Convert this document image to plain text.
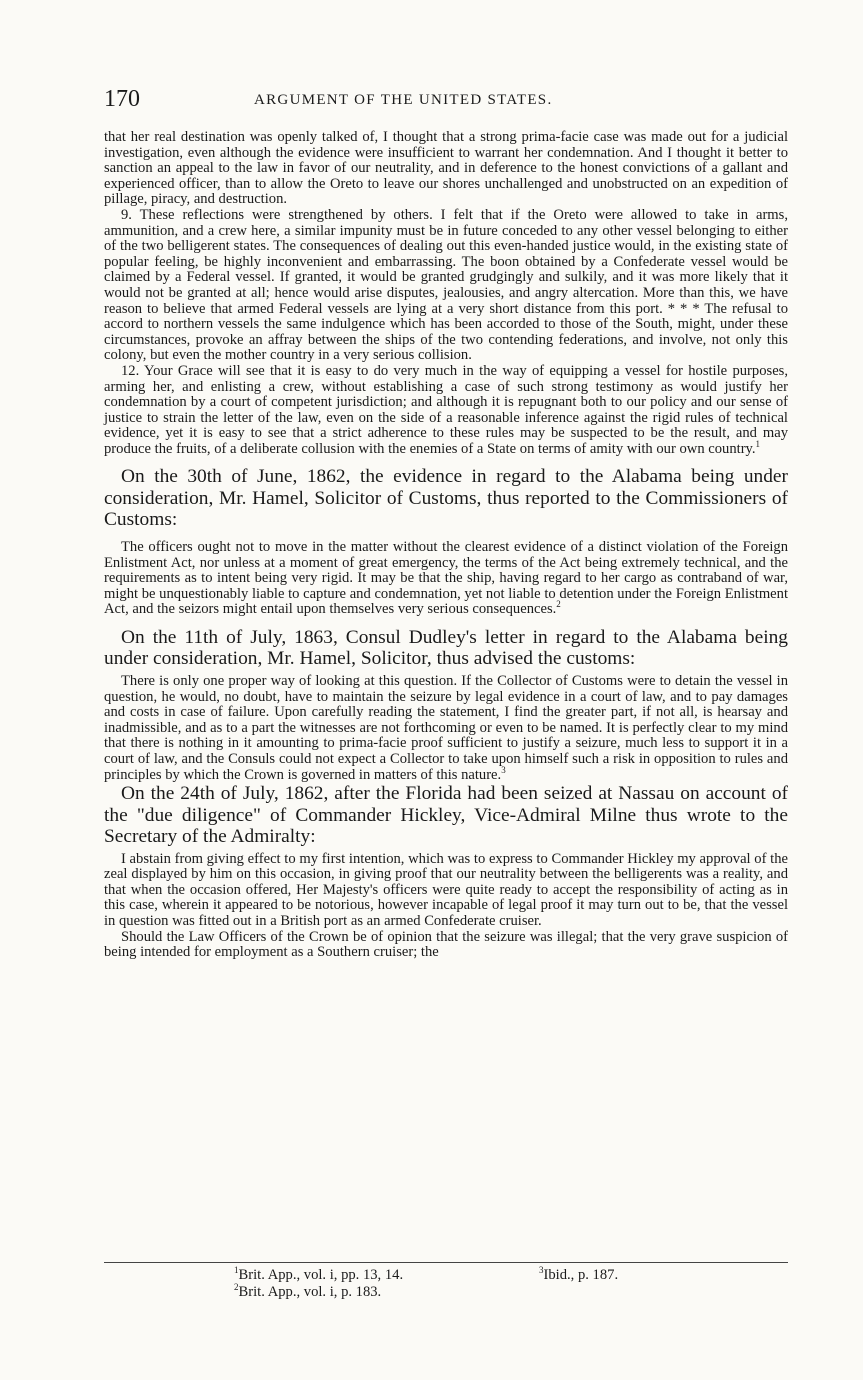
170	ARGUMENT OF THE UNITED STATES.

that her real destination was openly talked of, I thought that a strong prima-facie case was made out for a judicial investigation, even although the evidence were insufficient to warrant her condemnation. And I thought it better to sanction an appeal to the law in favor of our neutrality, and in deference to the honest convictions of a gallant and experienced officer, than to allow the Oreto to leave our shores unchallenged and unobstructed on an expedition of pillage, piracy, and destruction.

9. These reflections were strengthened by others. I felt that if the Oreto were allowed to take in arms, ammunition, and a crew here, a similar impunity must be in future conceded to any other vessel belonging to either of the two belligerent states. The consequences of dealing out this even-handed justice would, in the existing state of popular feeling, be highly inconvenient and embarrassing. The boon obtained by a Confederate vessel would be claimed by a Federal vessel. If granted, it would be granted grudgingly and sulkily, and it was more likely that it would not be granted at all; hence would arise disputes, jealousies, and angry altercation. More than this, we have reason to believe that armed Federal vessels are lying at a very short distance from this port. * * * The refusal to accord to northern vessels the same indulgence which has been accorded to those of the South, might, under these circumstances, provoke an affray between the ships of the two contending federations, and involve, not only this colony, but even the mother country in a very serious collision.

12. Your Grace will see that it is easy to do very much in the way of equipping a vessel for hostile purposes, arming her, and enlisting a crew, without establishing a case of such strong testimony as would justify her condemnation by a court of competent jurisdiction; and although it is repugnant both to our policy and our sense of justice to strain the letter of the law, even on the side of a reasonable inference against the rigid rules of technical evidence, yet it is easy to see that a strict adherence to these rules may be suspected to be the result, and may produce the fruits, of a deliberate collusion with the enemies of a State on terms of amity with our own country.$^1$

On the 30th of June, 1862, the evidence in regard to the Alabama being under consideration, Mr. Hamel, Solicitor of Customs, thus reported to the Commissioners of Customs:

The officers ought not to move in the matter without the clearest evidence of a distinct violation of the Foreign Enlistment Act, nor unless at a moment of great emergency, the terms of the Act being extremely technical, and the requirements as to intent being very rigid. It may be that the ship, having regard to her cargo as contraband of war, might be unquestionably liable to capture and condemnation, yet not liable to detention under the Foreign Enlistment Act, and the seizors might entail upon themselves very serious consequences.$^2$

On the 11th of July, 1863, Consul Dudley's letter in regard to the Alabama being under consideration, Mr. Hamel, Solicitor, thus advised the customs:

There is only one proper way of looking at this question. If the Collector of Customs were to detain the vessel in question, he would, no doubt, have to maintain the seizure by legal evidence in a court of law, and to pay damages and costs in case of failure. Upon carefully reading the statement, I find the greater part, if not all, is hearsay and inadmissible, and as to a part the witnesses are not forthcoming or even to be named. It is perfectly clear to my mind that there is nothing in it amounting to prima-facie proof sufficient to justify a seizure, much less to support it in a court of law, and the Consuls could not expect a Collector to take upon himself such a risk in opposition to rules and principles by which the Crown is governed in matters of this nature.$^3$

On the 24th of July, 1862, after the Florida had been seized at Nassau on account of the "due diligence" of Commander Hickley, Vice-Admiral Milne thus wrote to the Secretary of the Admiralty:

I abstain from giving effect to my first intention, which was to express to Commander Hickley my approval of the zeal displayed by him on this occasion, in giving proof that our neutrality between the belligerents was a reality, and that when the occasion offered, Her Majesty's officers were quite ready to accept the responsibility of acting as in this case, wherein it appeared to be notorious, however incapable of legal proof it may turn out to be, that the vessel in question was fitted out in a British port as an armed Confederate cruiser.

Should the Law Officers of the Crown be of opinion that the seizure was illegal; that the very grave suspicion of being intended for employment as a Southern cruiser; the

$^1$Brit. App., vol. i, pp. 13, 14.	$^3$Ibid., p. 187.
$^2$Brit. App., vol. i, p. 183.
